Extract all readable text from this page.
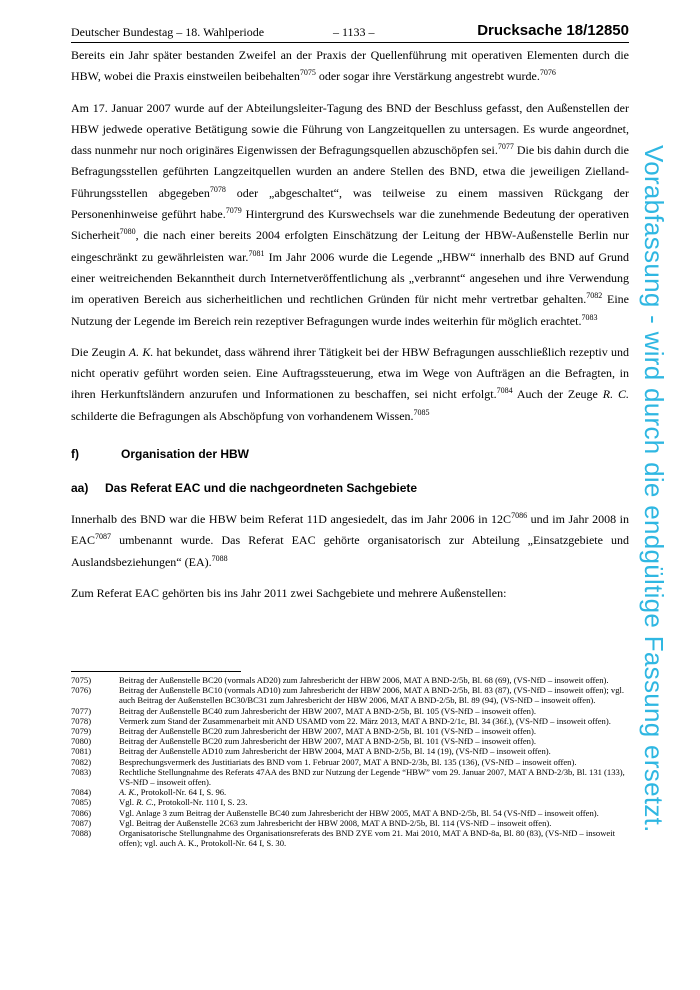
Deutscher Bundestag – 18. Wahlperiode	– 1133 –	Drucksache 18/12850

Bereits ein Jahr später bestanden Zweifel an der Praxis der Quellenführung mit operativen Elementen durch die HBW, wobei die Praxis einstweilen beibehalten$^{7075}$ oder sogar ihre Verstärkung angestrebt wurde.$^{7076}$

Am 17. Januar 2007 wurde auf der Abteilungsleiter-Tagung des BND der Beschluss gefasst, den Außenstellen der HBW jedwede operative Betätigung sowie die Führung von Langzeitquellen zu untersagen. Es wurde angeordnet, dass nunmehr nur noch originäres Eigenwissen der Befragungsquellen abzuschöpfen sei.$^{7077}$ Die bis dahin durch die Befragungsstellen geführten Langzeitquellen wurden an andere Stellen des BND, etwa die jeweiligen Zielland-Führungsstellen abgegeben$^{7078}$ oder „abgeschaltet“, was teilweise zu einem massiven Rückgang der Personenhinweise geführt habe.$^{7079}$ Hintergrund des Kurswechsels war die zunehmende Bedeutung der operativen Sicherheit$^{7080}$, die nach einer bereits 2004 erfolgten Einschätzung der Leitung der HBW-Außenstelle Berlin nur eingeschränkt zu gewährleisten war.$^{7081}$ Im Jahr 2006 wurde die Legende „HBW“ innerhalb des BND auf Grund einer weitreichenden Bekanntheit durch Internetveröffentlichung als „verbrannt“ angesehen und ihre Verwendung im operativen Bereich aus sicherheitlichen und rechtlichen Gründen für nicht mehr vertretbar gehalten.$^{7082}$ Eine Nutzung der Legende im Bereich rein rezeptiver Befragungen wurde indes weiterhin für möglich erachtet.$^{7083}$

Die Zeugin A. K. hat bekundet, dass während ihrer Tätigkeit bei der HBW Befragungen ausschließlich rezeptiv und nicht operativ geführt worden seien. Eine Auftragssteuerung, etwa im Wege von Aufträgen an die Befragten, in ihren Herkunftsländern anzurufen und Informationen zu beschaffen, sei nicht erfolgt.$^{7084}$ Auch der Zeuge R. C. schilderte die Befragungen als Abschöpfung von vorhandenem Wissen.$^{7085}$

f)	Organisation der HBW

aa) Das Referat EAC und die nachgeordneten Sachgebiete

Innerhalb des BND war die HBW beim Referat 11D angesiedelt, das im Jahr 2006 in $12C^{7086}$ und im Jahr 2008 in $EAC^{7087}$ umbenannt wurde. Das Referat EAC gehörte organisatorisch zur Abteilung „Einsatzgebiete und Auslandsbeziehungen“ (EA).$^{7088}$

Zum Referat EAC gehörten bis ins Jahr 2011 zwei Sachgebiete und mehrere Außenstellen:

7075)	Beitrag der Außenstelle BC20 (vormals AD20) zum Jahresbericht der HBW 2006, MAT A BND-2/5b, Bl. 68 (69), (VS-NfD – insoweit offen).
7076)	Beitrag der Außenstelle BC10 (vormals AD10) zum Jahresbericht der HBW 2006, MAT A BND-2/5b, Bl. 83 (87), (VS-NfD – insoweit offen); vgl. auch Beitrag der Außenstellen BC30/BC31 zum Jahresbericht der HBW 2006, MAT A BND-2/5b, Bl. 89 (94), (VS-NfD – insoweit offen).
7077)	Beitrag der Außenstelle BC40 zum Jahresbericht der HBW 2007, MAT A BND-2/5b, Bl. 105 (VS-NfD – insoweit offen).
7078)	Vermerk zum Stand der Zusammenarbeit mit AND USAMD vom 22. März 2013, MAT A BND-2/1c, Bl. 34 (36f.), (VS-NfD – insoweit offen).
7079)	Beitrag der Außenstelle BC20 zum Jahresbericht der HBW 2007, MAT A BND-2/5b, Bl. 101 (VS-NfD – insoweit offen).
7080)	Beitrag der Außenstelle BC20 zum Jahresbericht der HBW 2007, MAT A BND-2/5b, Bl. 101 (VS-NfD – insoweit offen).
7081)	Beitrag der Außenstelle AD10 zum Jahresbericht der HBW 2004, MAT A BND-2/5b, Bl. 14 (19), (VS-NfD – insoweit offen).
7082)	Besprechungsvermerk des Justitiariats des BND vom 1. Februar 2007, MAT A BND-2/3b, Bl. 135 (136), (VS-NfD – insoweit offen).
7083)	Rechtliche Stellungnahme des Referats 47AA des BND zur Nutzung der Legende “HBW” vom 29. Januar 2007, MAT A BND-2/3b, Bl. 131 (133), VS-NfD – insoweit offen).
7084)	A. K., Protokoll-Nr. 64 I, S. 96.
7085)	Vgl. R. C., Protokoll-Nr. 110 I, S. 23.
7086)	Vgl. Anlage 3 zum Beitrag der Außenstelle BC40 zum Jahresbericht der HBW 2005, MAT A BND-2/5b, Bl. 54 (VS-NfD – insoweit offen).
7087)	Vgl. Beitrag der Außenstelle 2C63 zum Jahresbericht der HBW 2008, MAT A BND-2/5b, Bl. 114 (VS-NfD – insoweit offen).
7088)	Organisatorische Stellungnahme des Organisationsreferats des BND ZYE vom 21. Mai 2010, MAT A BND-8a, Bl. 80 (83), (VS-NfD – insoweit offen); vgl. auch A. K., Protokoll-Nr. 64 I, S. 30.
Vorabfassung - wird durch die endgültige Fassung ersetzt.
